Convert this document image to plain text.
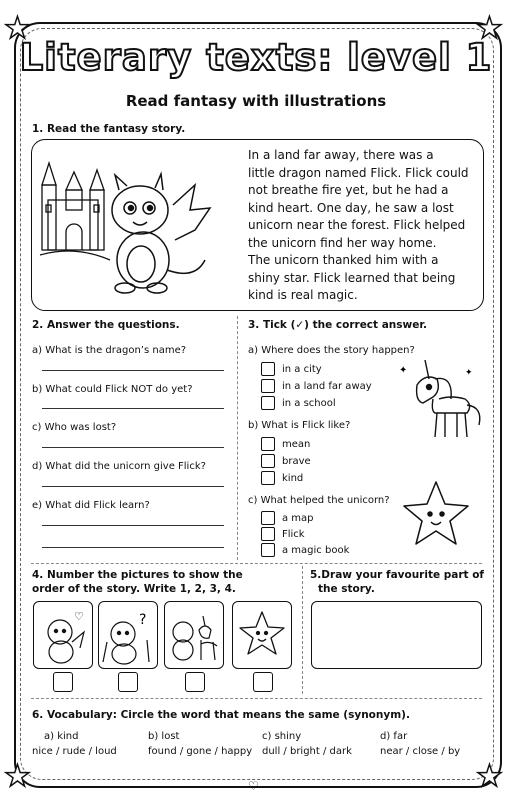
★	★
★	★
♡
Literary texts: level 1
Read fantasy with illustrations
1. Read the fantasy story.
In a land far away, there was a
little dragon named Flick. Flick could
not breathe fire yet, but he had a
kind heart. One day, he saw a lost
unicorn near the forest. Flick helped
the unicorn find her way home.
The unicorn thanked him with a
shiny star. Flick learned that being
kind is real magic.
2. Answer the questions.
a) What is the dragon’s name?
b) What could Flick NOT do yet?
c) Who was lost?
d) What did the unicorn give Flick?
e) What did Flick learn?
3. Tick (✓) the correct answer.
a) Where does the story happen?
in a city
in a land far away
in a school
b) What is Flick like?
mean
brave
kind
c) What helped the unicorn?
a map
Flick
a magic book
✦	✦
4. Number the pictures to show the
order of the story. Write 1, 2, 3, 4.
♡	?
5.Draw your favourite part of
the story.
6. Vocabulary: Circle the word that means the same (synonym).
a) kind
nice / rude / loud
b) lost
found / gone / happy
c) shiny
dull / bright / dark
d) far
near / close / by
